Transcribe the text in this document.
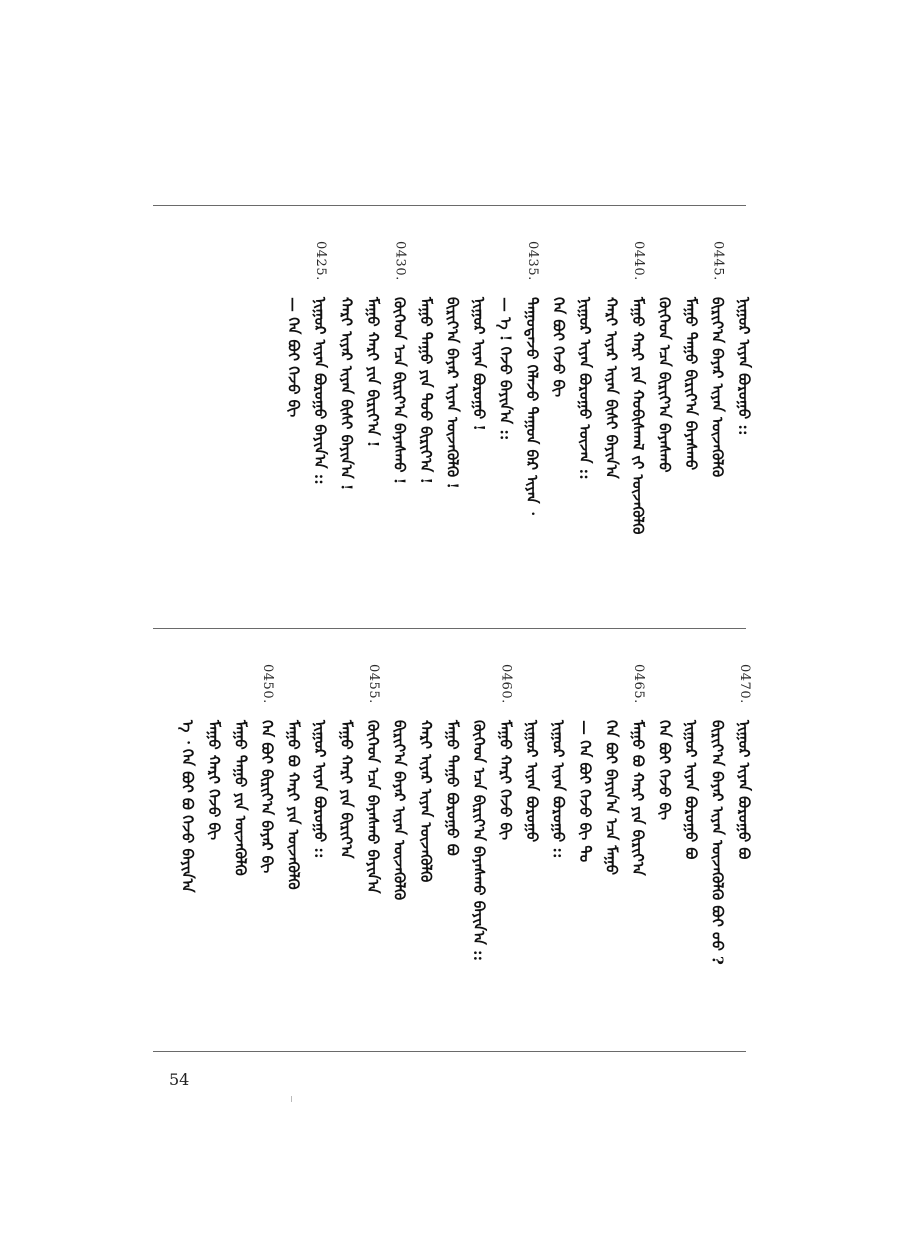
ᠨᠢᠭᠤᠷ ᠢᠶᠠᠨ ᠪᠤᠷᠤᠭᠤ ::
0445.
ᠪᠢᠷᠢᠶ᠎ᠠ ᠪᠠᠶᠠᠷ ᠢᠶᠡᠨ ᠦᠵᠡᠭᠦᠯᠬᠦ
ᠮᠠᠭᠤ ᠳᠠᠭᠤ ᠪᠢᠷᠢᠶ᠎ᠠ ᠪᠠᠶᠠᠰᠬᠤ
ᠬᠥᠬᠡᠳ ᠡᠴᠡ ᠪᠢᠷᠢᠶ᠎ᠠ ᠪᠠᠶᠠᠰᠬᠤ
0440.
ᠮᠠᠭᠤ ᠬᠠᠷᠢ ᠶᠢᠨ ᠬᠤᠪᠢᠰᠬᠠᠯ ᠵᠢ ᠦᠵᠡᠭᠦᠯᠬᠦ
ᠬᠠᠷᠢ ᠢᠶᠠᠷ ᠢᠶᠠᠨ ᠪᠢᠰᠢ ᠪᠠᠶᠢᠨ᠎ᠠ
ᠨᠢᠭᠤᠷ ᠢᠶᠠᠨ ᠪᠤᠷᠤᠭᠤ ᠦᠵᠡᠨ ::
ᠬᠡᠨ ᠪᠤᠢ ᠭᠡᠵᠦ ᠪᠢ
0435.
ᠳᠠᠭᠤᠳᠠᠵᠤ ᠬᠡᠯᠡᠵᠦ ᠳᠠᠭᠤᠨ ᠪᠠᠷ ᠢᠶᠠᠨ ᠂
— ᠡ ! ᠭᠡᠵᠦ ᠪᠠᠶᠢᠨ᠎ᠠ ::
ᠨᠢᠭᠤᠷ ᠢᠶᠠᠨ ᠪᠤᠷᠤᠭᠤ !
ᠪᠢᠷᠢᠶ᠎ᠠ ᠪᠠᠶᠠᠷ ᠢᠶᠡᠨ ᠦᠵᠡᠭᠦᠯᠬᠦ !
ᠮᠠᠭᠤ ᠳᠠᠭᠤ ᠶᠢᠨ ᠲᠣᠣ ᠪᠢᠷᠢᠶ᠎ᠠ !
0430.
ᠬᠥᠬᠡᠳ ᠡᠴᠡ ᠪᠢᠷᠢᠶ᠎ᠠ ᠪᠠᠶᠠᠰᠬᠤ !
ᠮᠠᠭᠤ ᠬᠠᠷᠢ ᠶᠢᠨ ᠪᠢᠷᠢᠶ᠎ᠠ !
ᠬᠠᠷᠢ ᠢᠶᠠᠷ ᠢᠶᠠᠨ ᠪᠢᠰᠢ ᠪᠠᠶᠢᠨ᠎ᠠ !
0425.
ᠨᠢᠭᠤᠷ ᠢᠶᠠᠨ ᠪᠤᠷᠤᠭᠤ ᠪᠠᠶᠢᠨ᠎ᠠ ::
— ᠬᠡᠨ ᠪᠤᠢ ᠭᠡᠵᠦ ᠪᠢ
0470.
ᠨᠢᠭᠤᠷ ᠢᠶᠠᠨ ᠪᠤᠷᠤᠭᠤ ᠪᠤ
ᠪᠢᠷᠢᠶ᠎ᠠ ᠪᠠᠶᠠᠷ ᠢᠶᠡᠨ ᠦᠵᠡᠭᠦᠯᠬᠦ ᠪᠤᠢ ᠤᠤ ?
ᠨᠢᠭᠤᠷ ᠢᠶᠠᠨ ᠪᠤᠷᠤᠭᠤ ᠪᠤ
ᠬᠡᠨ ᠪᠤᠢ ᠭᠡᠵᠦ ᠪᠢ
0465.
ᠮᠠᠭᠤ ᠪᠤ ᠬᠠᠷᠢ ᠶᠢᠨ ᠪᠢᠷᠢᠶ᠎ᠠ
ᠬᠡᠨ ᠪᠤᠢ ᠪᠠᠶᠢᠨ᠎ᠠ ᠡᠴᠡ ᠮᠠᠭᠤ
— ᠬᠡᠨ ᠪᠤᠢ ᠭᠡᠵᠦ ᠪᠢ ᠲᠤ
ᠨᠢᠭᠤᠷ ᠢᠶᠠᠨ ᠪᠤᠷᠤᠭᠤ ::
ᠨᠢᠭᠤᠷ ᠢᠶᠠᠨ ᠪᠤᠷᠤᠭᠤ
0460.
ᠮᠠᠭᠤ ᠬᠠᠷᠢ ᠭᠡᠵᠦ ᠪᠢ
ᠬᠥᠬᠡᠳ ᠡᠴᠡ ᠪᠢᠷᠢᠶ᠎ᠠ ᠪᠠᠶᠠᠰᠬᠤ ᠪᠠᠶᠢᠨ᠎ᠠ ::
ᠮᠠᠭᠤ ᠳᠠᠭᠤ ᠪᠤᠷᠤᠭᠤ ᠪᠤ
ᠬᠠᠷᠢ ᠢᠶᠠᠷ ᠢᠶᠠᠨ ᠦᠵᠡᠭᠦᠯᠬᠦ
ᠪᠢᠷᠢᠶ᠎ᠠ ᠪᠠᠶᠠᠷ ᠢᠶᠡᠨ ᠦᠵᠡᠭᠦᠯᠬᠦ
0455.
ᠬᠥᠬᠡᠳ ᠡᠴᠡ ᠪᠠᠶᠠᠰᠬᠤ ᠪᠠᠶᠢᠨ᠎ᠠ
ᠮᠠᠭᠤ ᠬᠠᠷᠢ ᠶᠢᠨ ᠪᠢᠷᠢᠶ᠎ᠠ
ᠨᠢᠭᠤᠷ ᠢᠶᠠᠨ ᠪᠤᠷᠤᠭᠤ ::
ᠮᠠᠭᠤ ᠪᠤ ᠬᠠᠷᠢ ᠶᠢᠨ ᠦᠵᠡᠭᠦᠯᠬᠦ
0450.
ᠬᠡᠨ ᠪᠤᠢ ᠪᠢᠷᠢᠶ᠎ᠠ ᠪᠠᠶᠠᠷ ᠪᠢ
ᠮᠠᠭᠤ ᠳᠠᠭᠤ ᠶᠢᠨ ᠦᠵᠡᠭᠦᠯᠬᠦ
ᠮᠠᠭᠤ ᠬᠠᠷᠢ ᠭᠡᠵᠦ ᠪᠢ
ᠡ ᠂ ᠬᠡᠨ ᠪᠤᠢ ᠪᠤ ᠭᠡᠵᠦ ᠪᠠᠶᠢᠨ᠎ᠠ
54
